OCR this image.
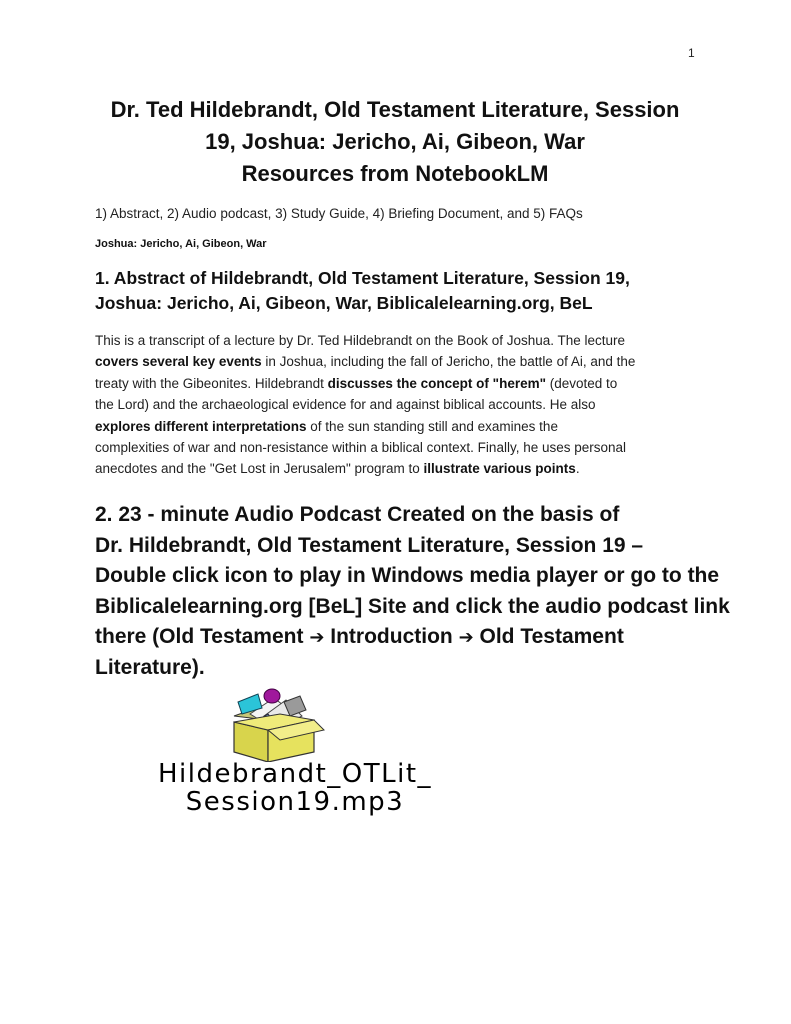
1
Dr. Ted Hildebrandt, Old Testament Literature, Session
19, Joshua: Jericho, Ai, Gibeon, War
Resources from NotebookLM
1) Abstract, 2) Audio podcast, 3) Study Guide, 4) Briefing Document, and 5) FAQs
Joshua: Jericho, Ai, Gibeon, War
1. Abstract of Hildebrandt, Old Testament Literature, Session 19,
Joshua: Jericho, Ai, Gibeon, War, Biblicalelearning.org, BeL
This is a transcript of a lecture by Dr. Ted Hildebrandt on the Book of Joshua. The lecture
covers several key events in Joshua, including the fall of Jericho, the battle of Ai, and the
treaty with the Gibeonites. Hildebrandt discusses the concept of "herem" (devoted to
the Lord) and the archaeological evidence for and against biblical accounts. He also
explores different interpretations of the sun standing still and examines the
complexities of war and non-resistance within a biblical context. Finally, he uses personal
anecdotes and the "Get Lost in Jerusalem" program to illustrate various points.
2. 23 - minute Audio Podcast Created on the basis of
Dr. Hildebrandt, Old Testament Literature, Session 19 –
Double click icon to play in Windows media player or go to the
Biblicalelearning.org [BeL] Site and click the audio podcast link
there (Old Testament ➔ Introduction ➔ Old Testament
Literature).
Hildebrandt_OTLit_
Session19.mp3
